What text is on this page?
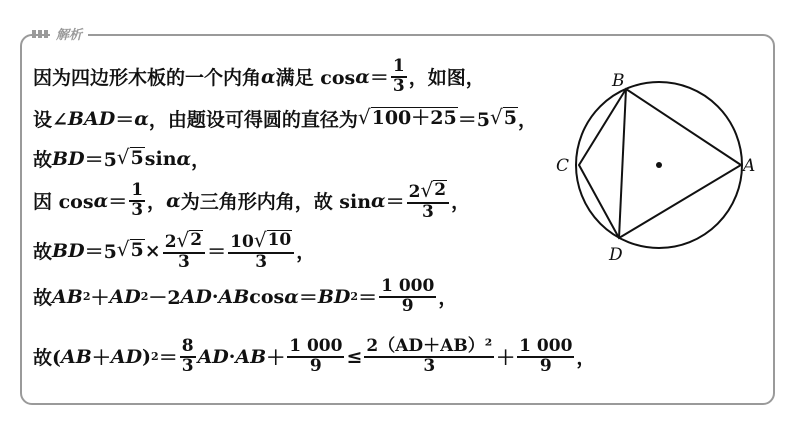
解析
因为四边形木板的一个内角 α 满足 $\cos \alpha = \frac{1}{3}$ ，如图，
设∠ BAD ＝ α ，由题设可得圆的直径为 √ 100＋25 ＝5 √ 5 ，
故 BD ＝5 √ 5 sin α ，
因 $\cos \alpha = \frac{1}{3}$ ， α 为三角形内角，故 $\sin \alpha = \frac{2 √ 2}{3}$ ，
故 BD ＝5 √ $5 \times \frac{2 √ 2}{3} = \frac{10 √ 10}{3}$ ，
故 AB 2 ＋ AD 2 －2 AD · AB cos α ＝ BD $2 = \frac{1 000}{9}$ ，
故( AB ＋ AD ) $2 = \frac{8}{3}$ AD · AB ＋ $\frac{1 000}{9} \le \frac{\text{2（AD＋AB）²}}{3} + \frac{1 000}{9}$ ，
B
A
C
D
